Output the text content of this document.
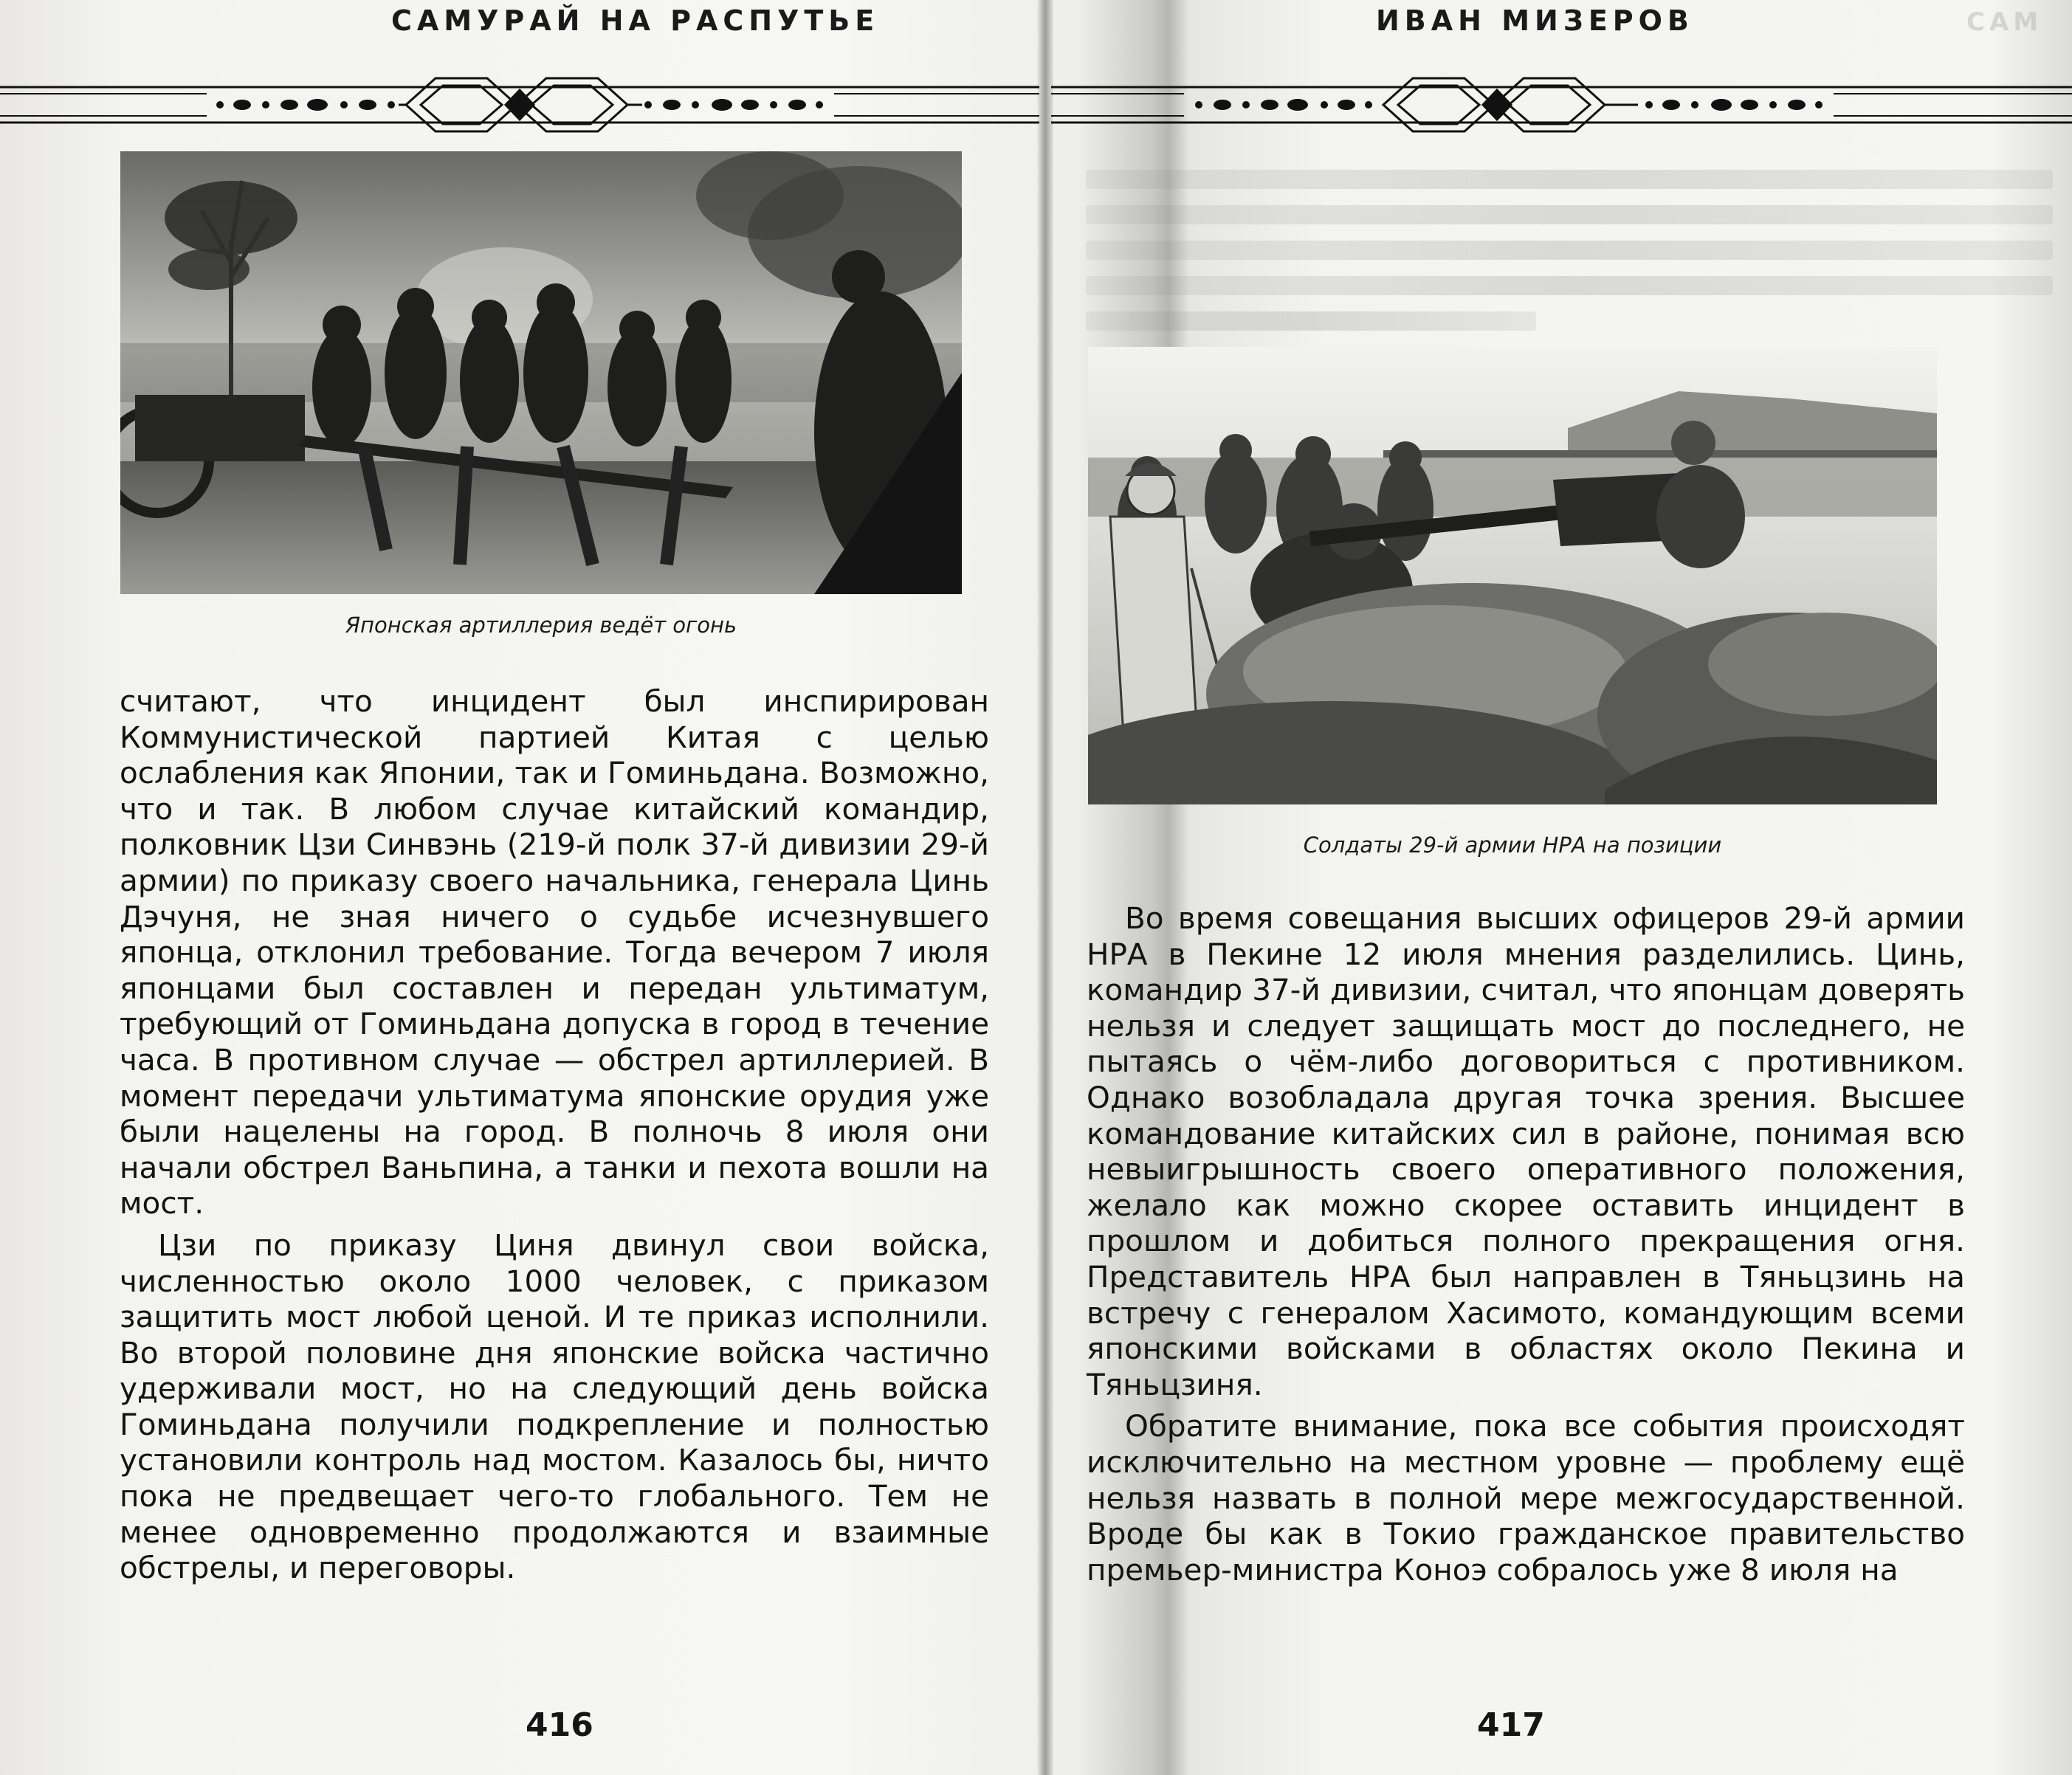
САМУРАЙ НА РАСПУТЬЕ
Японская артиллерия ведёт огонь

считают, что инцидент был инспирирован Коммунистической партией Китая с целью ослабления как Японии, так и Гоминьдана. Возможно, что и так. В любом случае китайский командир, полковник Цзи Синвэнь (219-й полк 37-й дивизии 29-й армии) по приказу своего начальника, генерала Цинь Дэчуня, не зная ничего о судьбе исчезнувшего японца, отклонил требование. Тогда вечером 7 июля японцами был составлен и передан ультиматум, требующий от Гоминьдана допуска в город в течение часа. В противном случае — обстрел артиллерией. В момент передачи ультиматума японские орудия уже были нацелены на город. В полночь 8 июля они начали обстрел Ваньпина, а танки и пехота вошли на мост.

Цзи по приказу Циня двинул свои войска, численностью около 1000 человек, с приказом защитить мост любой ценой. И те приказ исполнили. Во второй половине дня японские войска частично удерживали мост, но на следующий день войска Гоминьдана получили подкрепление и полностью установили контроль над мостом. Казалось бы, ничто пока не предвещает чего-то глобального. Тем не менее одновременно продолжаются и взаимные обстрелы, и переговоры.

416
ИВАН МИЗЕРОВ	САМ
Солдаты 29-й армии НРА на позиции

Во время совещания высших офицеров 29-й армии НРА в Пекине 12 июля мнения разделились. Цинь, командир 37-й дивизии, считал, что японцам доверять нельзя и следует защищать мост до последнего, не пытаясь о чём-либо договориться с противником. Однако возобладала другая точка зрения. Высшее командование китайских сил в районе, понимая всю невыигрышность своего оперативного положения, желало как можно скорее оставить инцидент в прошлом и добиться полного прекращения огня. Представитель НРА был направлен в Тяньцзинь на встречу с генералом Хасимото, командующим всеми японскими войсками в областях около Пекина и Тяньцзиня.

Обратите внимание, пока все события происходят исключительно на местном уровне — проблему ещё нельзя назвать в полной мере межгосударственной. Вроде бы как в Токио гражданское правительство премьер-министра Коноэ собралось уже 8 июля на

417
